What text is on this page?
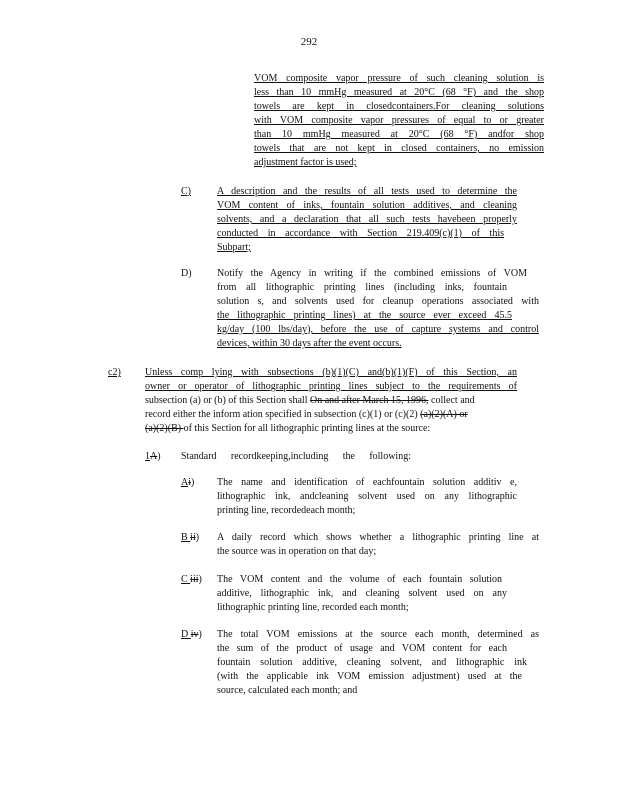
292
VOM composite vapor pressure of such cleaning solution is
less than 10 mmHg measured at 20°C (68 °F) and the shop
towels are kept in closedcontainers.For cleaning solutions
with VOM composite vapor pressures of equal to or greater
than 10 mmHg measured at 20°C (68 °F) andfor shop
towels that are not kept in closed containers, no emission
adjustment factor is used;
C)	A description and the results of all tests used to determine the
VOM content of inks, fountain solution additives, and cleaning
solvents, and a declaration that all such tests havebeen properly
conducted in accordance with Section 219.409(c)(1) of this
Subpart;
D)	Notify the Agency in writing if the combined emissions of VOM
from all lithographic printing lines (including inks, fountain
solution s, and solvents used for cleanup operations associated with
the lithographic printing lines) at the source ever exceed 45.5
kg/day (100 lbs/day), before the use of capture systems and control
devices, within 30 days after the event occurs.
c2) Unless comp lying with subsections (b)(1)(C) and(b)(1)(F) of this Section, an
owner or operator of lithographic printing lines subject to the requirements of
subsection (a) or (b) of this Section shall On and after March 15, 1996, collect and
record either the inform ation specified in subsection (c)(1) or (c)(2) (a)(2)(A) or
(a)(2)(B) of this Section for all lithographic printing lines at the source:
1A) Standard recordkeeping,including the following:
Ai) The name and identification of eachfountain solution additiv e,
lithographic ink, andcleaning solvent used on any lithographic
printing line, recordedeach month;
B ii) A daily record which shows whether a lithographic printing line at
the source was in operation on that day;
C iii) The VOM content and the volume of each fountain solution
additive, lithographic ink, and cleaning solvent used on any
lithographic printing line, recorded each month;
D iv) The total VOM emissions at the source each month, determined as
the sum of the product of usage and VOM content for each
fountain solution additive, cleaning solvent, and lithographic ink
(with the applicable ink VOM emission adjustment) used at the
source, calculated each month; and
